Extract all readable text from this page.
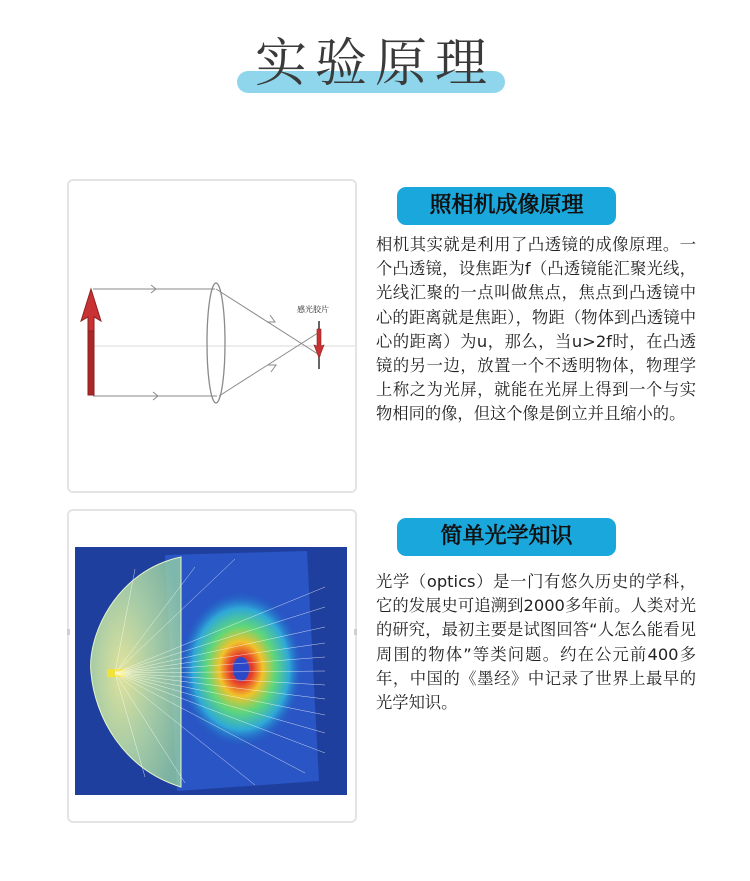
实验原理
感光胶片
照相机成像原理

相机其实就是利用了凸透镜的成像原理。一个凸透镜，设焦距为f（凸透镜能汇聚光线，光线汇聚的一点叫做焦点，焦点到凸透镜中心的距离就是焦距），物距（物体到凸透镜中心的距离）为u，那么，当u>2f时，在凸透镜的另一边，放置一个不透明物体，物理学上称之为光屏，就能在光屏上得到一个与实物相同的像，但这个像是倒立并且缩小的。

简单光学知识

光学（optics）是一门有悠久历史的学科，它的发展史可追溯到2000多年前。人类对光的研究，最初主要是试图回答“人怎么能看见周围的物体”等类问题。约在公元前400多年，中国的《墨经》中记录了世界上最早的光学知识。
